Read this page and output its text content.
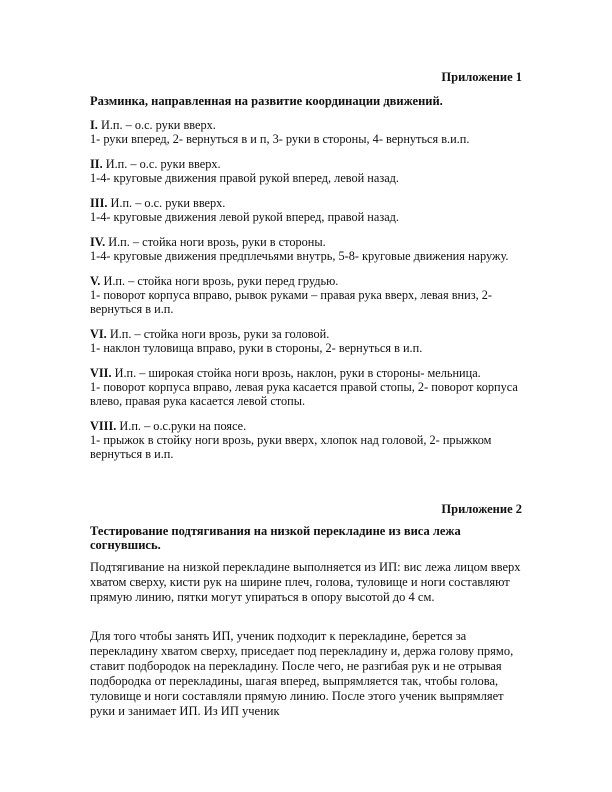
Приложение 1

Разминка, направленная на развитие координации движений.

I. И.п. – о.с. руки вверх.
1- руки вперед, 2- вернуться в и п, 3- руки в стороны, 4- вернуться в.и.п.

II. И.п. – о.с. руки вверх.
1-4- круговые движения правой рукой вперед, левой назад.

III. И.п. – о.с. руки вверх.
1-4- круговые движения левой рукой вперед, правой назад.

IV. И.п. – стойка ноги врозь, руки в стороны.
1-4- круговые движения предплечьями внутрь, 5-8- круговые движения наружу.

V. И.п. – стойка ноги врозь, руки перед грудью.
1- поворот корпуса вправо, рывок руками – правая рука вверх, левая вниз, 2- вернуться в и.п.

VI. И.п. – стойка ноги врозь, руки за головой.
1- наклон туловища вправо, руки в стороны, 2- вернуться в и.п.

VII. И.п. – широкая стойка ноги врозь, наклон, руки в стороны- мельница.
1- поворот корпуса вправо, левая рука касается правой стопы, 2- поворот корпуса влево, правая рука касается левой стопы.

VIII. И.п. – о.с.руки на поясе.
1- прыжок в стойку ноги врозь, руки вверх, хлопок над головой, 2- прыжком вернуться в и.п.

Приложение 2

Тестирование подтягивания на низкой перекладине из виса лежа согнувшись.

Подтягивание на низкой перекладине выполняется из ИП: вис лежа лицом вверх хватом сверху, кисти рук на ширине плеч, голова, туловище и ноги составляют прямую линию, пятки могут упираться в опору высотой до 4 см.

Для того чтобы занять ИП, ученик подходит к перекладине, берется за перекладину хватом сверху, приседает под перекладину и, держа голову прямо, ставит подбородок на перекладину. После чего, не разгибая рук и не отрывая подбородка от перекладины, шагая вперед, выпрямляется так, чтобы голова, туловище и ноги составляли прямую линию. После этого ученик выпрямляет руки и занимает ИП. Из ИП ученик
